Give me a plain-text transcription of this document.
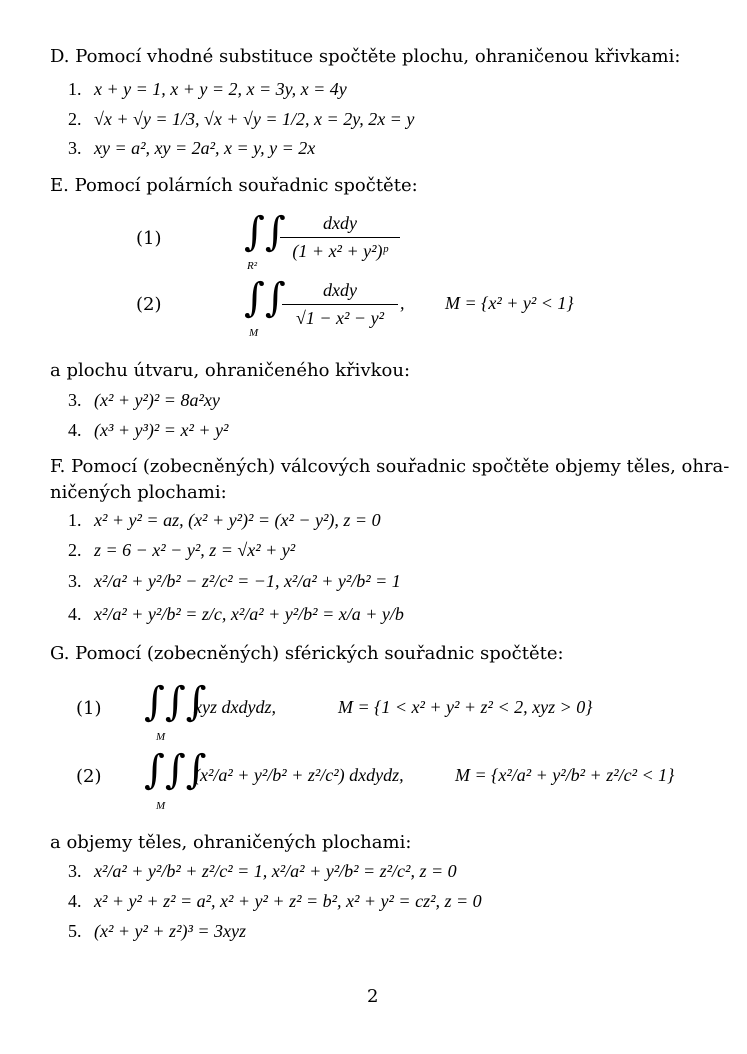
D. Pomocí vhodné substituce spočtěte plochu, ohraničenou křivkami:
1. x + y = 1, x + y = 2, x = 3y, x = 4y
2. √x + √y = 1/3, √x + √y = 1/2, x = 2y, 2x = y
3. xy = a², xy = 2a², x = y, y = 2x
E. Pomocí polárních souřadnic spočtěte:
(1) ∫∫
R²
dxdy
(1 + x² + y²)ᵖ
(2) ∫∫
M
dxdy
√1 − x² − y²
, M = {x² + y² < 1}
a plochu útvaru, ohraničeného křivkou:
3. (x² + y²)² = 8a²xy
4. (x³ + y³)² = x² + y²
F. Pomocí (zobecněných) válcových souřadnic spočtěte objemy těles, ohra-
ničených plochami:
1. x² + y² = az, (x² + y²)² = (x² − y²), z = 0
2. z = 6 − x² − y², z = √x² + y²
3. x²/a² + y²/b² − z²/c² = −1, x²/a² + y²/b² = 1
4. x²/a² + y²/b² = z/c, x²/a² + y²/b² = x/a + y/b
G. Pomocí (zobecněných) sférických souřadnic spočtěte:
(1) ∫∫∫
M
xyz dxdydz,	M = {1 < x² + y² + z² < 2, xyz > 0}
(2) ∫∫∫
M
(x²/a² + y²/b² + z²/c²) dxdydz,	M = {x²/a² + y²/b² + z²/c² < 1}
a objemy těles, ohraničených plochami:
3. x²/a² + y²/b² + z²/c² = 1, x²/a² + y²/b² = z²/c², z = 0
4. x² + y² + z² = a², x² + y² + z² = b², x² + y² = cz², z = 0
5. (x² + y² + z²)³ = 3xyz
2
